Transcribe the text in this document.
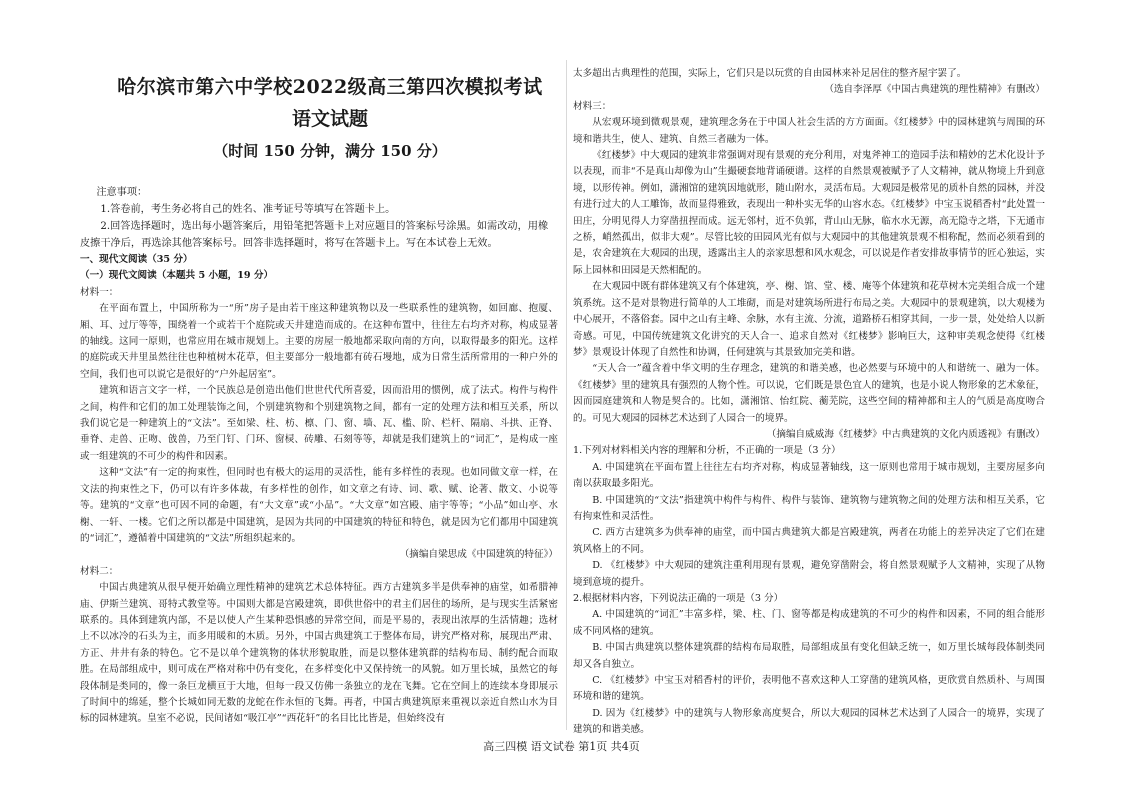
哈尔滨市第六中学校2022级高三第四次模拟考试
语文试题
（时间 150 分钟，满分 150 分）

注意事项：

1.答卷前，考生务必将自己的姓名、准考证号等填写在答题卡上。

2.回答选择题时，选出每小题答案后，用铅笔把答题卡上对应题目的答案标号涂黑。如需改动，用橡皮擦干净后，再选涂其他答案标号。回答非选择题时，将写在答题卡上。写在本试卷上无效。

一、现代文阅读（35 分）

（一）现代文阅读（本题共 5 小题，19 分）

材料一：

在平面布置上，中国所称为一“所”房子是由若干座这种建筑物以及一些联系性的建筑物，如回廊、抱厦、厢、耳、过厅等等，围绕着一个或若干个庭院或天井建造而成的。在这种布置中，往往左右均齐对称，构成显著的轴线。这同一原则，也常应用在城市规划上。主要的房屋一般地都采取向南的方向，以取得最多的阳光。这样的庭院或天井里虽然往往也种植树木花草，但主要部分一般地都有砖石墁地，成为日常生活所常用的一种户外的空间，我们也可以说它是很好的“户外起居室”。

建筑和语言文字一样，一个民族总是创造出他们世世代代所喜爱，因而沿用的惯例，成了法式。构件与构件之间，构件和它们的加工处理装饰之间，个别建筑物和个别建筑物之间，都有一定的处理方法和相互关系，所以我们说它是一种建筑上的“文法”。至如梁、柱、枋、檩、门、窗、墙、瓦、槛、阶、栏杆、隔扇、斗拱、正脊、垂脊、走兽、正吻、戗兽，乃至门钉、门环、窗棂、砖雕、石刻等等，却就是我们建筑上的“词汇”，是构成一座或一组建筑的不可少的构件和因素。

这种“文法”有一定的拘束性，但同时也有极大的运用的灵活性，能有多样性的表现。也如同做文章一样，在文法的拘束性之下，仍可以有许多体裁，有多样性的创作，如文章之有诗、词、歌、赋、论著、散文、小说等等。建筑的“文章”也可因不同的命题，有“大文章”或“小品”。“大文章”如宫殿、庙宇等等；“小品”如山亭、水榭、一轩、一楼。它们之所以都是中国建筑，是因为共同的中国建筑的特征和特色，就是因为它们都用中国建筑的“词汇”，遵循着中国建筑的“文法”所组织起来的。

（摘编自梁思成《中国建筑的特征》）

材料二：

中国古典建筑从很早便开始确立理性精神的建筑艺术总体特征。西方古建筑多半是供奉神的庙堂，如希腊神庙、伊斯兰建筑、哥特式教堂等。中国则大都是宫殿建筑，即供世俗中的君主们居住的场所，是与现实生活紧密联系的。具体到建筑内部，不是以使人产生某种恐惧感的异常空间，而是平易的，表现出浓厚的生活情趣；选材上不以冰冷的石头为主，而多用暖和的木质。另外，中国古典建筑工于整体布局，讲究严格对称，展现出严肃、方正、井井有条的特色。它不是以单个建筑物的体状形貌取胜，而是以整体建筑群的结构布局、制约配合而取胜。在局部组成中，则可成在严格对称中仍有变化，在多样变化中又保持统一的风貌。如万里长城，虽然它的每段体制是类同的，像一条巨龙横亘于大地，但每一段又仿佛一条独立的龙在飞舞。它在空间上的连续本身即展示了时间中的绵延，整个长城如同无数的龙蛇在作永恒的飞舞。再者，中国古典建筑原来重视以亲近自然山水为目标的园林建筑。皇室不必说，民间诸如“吸江亭”“西花轩”的名目比比皆是，但始终没有

太多超出古典理性的范围，实际上，它们只是以玩赏的自由园林来补足居住的整齐屋宇罢了。

（选自李泽厚《中国古典建筑的理性精神》有删改）

材料三：

从宏观环境到微观景观，建筑理念务在于中国人社会生活的方方面面。《红楼梦》中的园林建筑与周围的环境和谐共生，使人、建筑、自然三者融为一体。

《红楼梦》中大观园的建筑非常强调对现有景观的充分利用，对鬼斧神工的造园手法和精妙的艺术化设计予以表现，而非“不是真山却像为山”生撮硬套地背诵硬谱。这样的自然景观被赋予了人文精神，就从物境上升到意境，以形传神。例如，潇湘馆的建筑因地就形，随山附水，灵活布局。大观园是极常见的质朴自然的园林，并没有进行过大的人工雕饰，故而显得雅致，表现出一种朴实无华的山容水态。《红楼梦》中宝玉说稻香村“此处置一田庄，分明见得人力穿凿扭捏而成。远无邻村，近不负郭，背山山无脉，临水水无源，高无隐寺之塔，下无通市之桥，峭然孤出，似非大观”。尽管比较的田园风光有似与大观园中的其他建筑景观不相称配，然而必须看到的是，农舍建筑在大观园的出现，透露出主人的亲家思想和风水观念，可以说是作者安排故事情节的匠心独运，实际上园林和田园是天然相配的。

在大观园中既有群体建筑又有个体建筑，亭、榭、馆、堂、楼、庵等个体建筑和花草树木完美组合成一个建筑系统。这不是对景物进行简单的人工堆砌，而是对建筑场所进行布局之美。大观园中的景观建筑，以大观楼为中心展开，不落俗套。园中之山有主峰、余脉，水有主流、分流，道路桥石相穿其间，一步一景，处处给人以新奇感。可见，中国传统建筑文化讲究的天人合一、追求自然对《红楼梦》影响巨大，这种审美观念使得《红楼梦》景观设计体现了自然性和协调，任何建筑与其景致加完美和谐。

“天人合一”蕴含着中华文明的生存理念，建筑的和谐美感，也必然要与环境中的人和谐统一、融为一体。《红楼梦》里的建筑具有强烈的人物个性。可以说，它们既是景色宜人的建筑，也是小说人物形象的艺术象征，因而园庭建筑和人物是契合的。比如，潇湘馆、怡红院、蘅芜院，这些空间的精神都和主人的气质是高度吻合的。可见大观园的园林艺术达到了人园合一的境界。

（摘编自威威海《红楼梦》中古典建筑的文化内质透视》有删改）

1.下列对材料相关内容的理解和分析，不正确的一项是（3 分）

A. 中国建筑在平面布置上往往左右均齐对称，构成显著轴线，这一原则也常用于城市规划，主要房屋多向南以获取最多阳光。

B. 中国建筑的“文法”指建筑中构件与构件、构件与装饰、建筑物与建筑物之间的处理方法和相互关系，它有拘束性和灵活性。

C. 西方古建筑多为供奉神的庙堂，而中国古典建筑大都是宫殿建筑，两者在功能上的差异决定了它们在建筑风格上的不同。

D. 《红楼梦》中大观园的建筑注重利用现有景观，避免穿凿附会，将自然景观赋予人文精神，实现了从物境到意境的提升。

2.根据材料内容，下列说法正确的一项是（3 分）

A. 中国建筑的“词汇”丰富多样，梁、柱、门、窗等都是构成建筑的不可少的构件和因素，不同的组合能形成不同风格的建筑。

B. 中国古典建筑以整体建筑群的结构布局取胜，局部组成虽有变化但缺乏统一，如万里长城每段体制类同却又各自独立。

C. 《红楼梦》中宝玉对稻香村的评价，表明他不喜欢这种人工穿凿的建筑风格，更欣赏自然质朴、与周围环境和谐的建筑。

D. 因为《红楼梦》中的建筑与人物形象高度契合，所以大观园的园林艺术达到了人园合一的境界，实现了建筑的和谐美感。

高三四模 语文试卷 第1页 共4页
